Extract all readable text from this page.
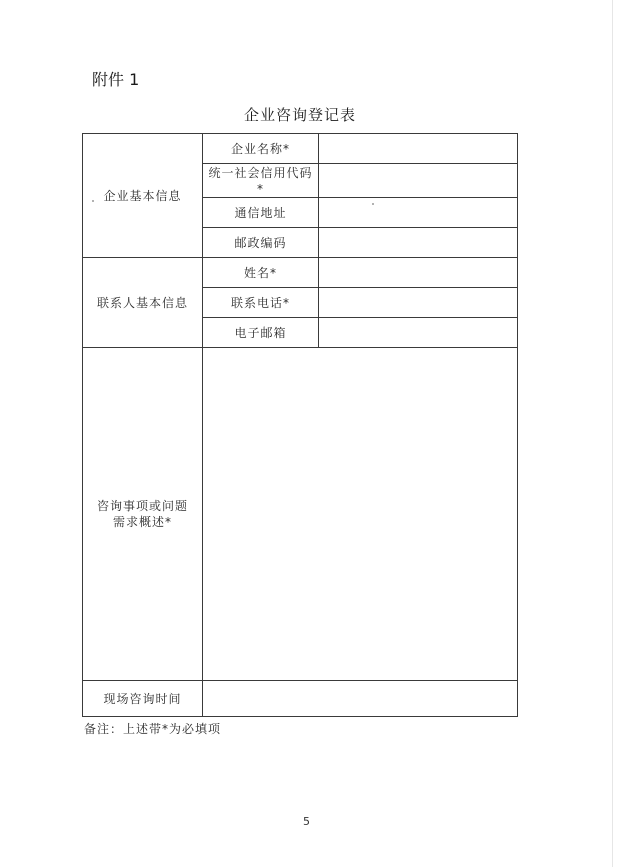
附件 1
企业咨询登记表
企业基本信息	企业名称*	
	统一社会信用代码*	
	通信地址	
	邮政编码	
联系人基本信息	姓名*	
	联系电话*	
	电子邮箱	
咨询事项或问题需求概述*		
现场咨询时间		
备注：上述带*为必填项
5
